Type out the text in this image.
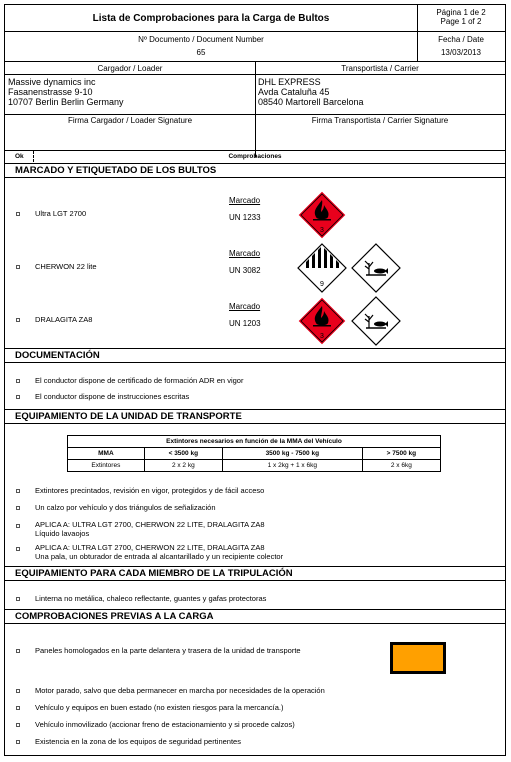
Lista de Comprobaciones para la Carga de Bultos
Página 1 de 2
Page 1 of 2
Nº Documento / Document Number
65
Fecha / Date
13/03/2013
Cargador / Loader	Transportista / Carrier
Massive dynamics inc
Fasanenstrasse 9-10
10707 Berlin Berlin Germany
DHL EXPRESS
Avda Cataluña 45
08540 Martorell Barcelona
Firma Cargador / Loader Signature	Firma Transportista / Carrier Signature
Ok	Comprobaciones
MARCADO Y ETIQUETADO DE LOS BULTOS
Ultra LGT 2700
Marcado
UN 1233
3
CHERWON 22 lite
Marcado
UN 3082
9
DRALAGITA ZA8
Marcado
UN 1203
3
DOCUMENTACIÓN
El conductor dispone de certificado de formación ADR en vigor
El conductor dispone de instrucciones escritas
EQUIPAMIENTO DE LA UNIDAD DE TRANSPORTE
Extintores necesarios en función de la MMA del Vehículo			
MMA	< 3500 kg	3500 kg - 7500 kg	> 7500 kg
Extintores	2 x 2 kg	1 x 2kg + 1 x 6kg	2 x 6kg
Extintores precintados, revisión en vigor, protegidos y de fácil acceso
Un calzo por vehículo y dos triángulos de señalización
APLICA A: ULTRA LGT 2700, CHERWON 22 LITE, DRALAGITA ZA8
Líquido lavaojos
APLICA A: ULTRA LGT 2700, CHERWON 22 LITE, DRALAGITA ZA8
Una pala, un obturador de entrada al alcantarillado y un recipiente colector
EQUIPAMIENTO PARA CADA MIEMBRO DE LA TRIPULACIÓN
Linterna no metálica, chaleco reflectante, guantes y gafas protectoras
COMPROBACIONES PREVIAS A LA CARGA
Paneles homologados en la parte delantera y trasera de la unidad de transporte
Motor parado, salvo que deba permanecer en marcha por necesidades de la operación
Vehículo y equipos en buen estado (no existen riesgos para la mercancía.)
Vehículo inmovilizado (accionar freno de estacionamiento y si procede calzos)
Existencia en la zona de los equipos de seguridad pertinentes
